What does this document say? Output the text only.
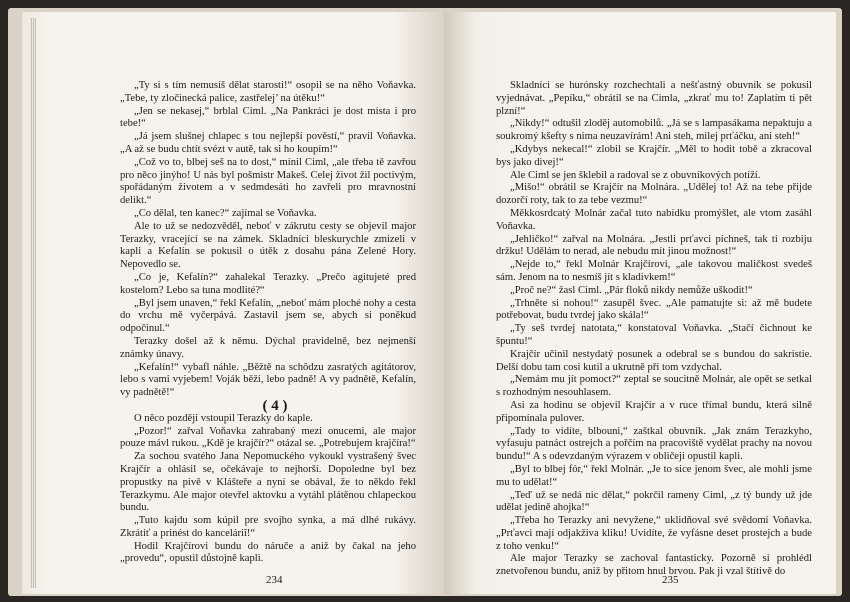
„Ty si s tím nemusíš dělat starosti!“ osopil se na něho Voňavka. „Tebe, ty zločinecká palice, zastřelej’ na útěku!“

„Jen se nekasej,“ brblal Ciml. „Na Pankráci je dost místa i pro tebe!“

„Já jsem slušnej chlapec s tou nejlepší pověstí,“ pravil Voňavka. „A až se budu chtít svézt v autě, tak si ho koupím!“

„Což vo to, blbej seš na to dost,“ mínil Ciml, „ale třeba tě zavřou pro něco jinýho! U nás byl pošmistr Makeš. Celej život žil poctivým, spořádaným životem a v sedmdesáti ho zavřeli pro mravnostní delikt.“

„Co dělal, ten kanec?“ zajímal se Voňavka.

Ale to už se nedozvěděl, neboť v zákrutu cesty se objevil major Terazky, vracející se na zámek. Skladníci bleskurychle zmizeli v kapli a Kefalín se pokusil o útěk z dosahu pána Zelené Hory. Nepovedlo se.

„Co je, Kefalín?“ zahalekal Terazky. „Prečo agitujeté pred kostelom? Lebo sa tuna modlité?“

„Byl jsem unaven,“ řekl Kefalín, „neboť mám ploché nohy a cesta do vrchu mě vyčerpává. Zastavil jsem se, abych si poněkud odpočinul.“

Terazky došel až k němu. Dýchal pravidelně, bez nejmenší známky únavy.

„Kefalín!“ vybafl náhle. „Běžtě na schôdzu zasratých agitátorov, lebo s vami vyjebem! Voják běží, lebo padně! A vy padnětě, Kefalín, vy padnětě!“

( 4 )

O něco později vstoupil Terazky do kaple.

„Pozor!“ zařval Voňavka zahrabaný mezi onucemi, ale major pouze mávl rukou. „Kdě je krajčír?“ otázal se. „Potrebujem krajčíra!“

Za sochou svatého Jana Nepomuckého vykoukl vystrašený švec Krajčír a ohlásil se, očekávaje to nejhorší. Dopoledne byl bez propustky na pivě v Klášteře a nyní se obával, že to někdo řekl Terazkymu. Ale major otevřel aktovku a vytáhl plátěnou chlapeckou bundu.

„Tuto kajdu som kúpil pre svojho synka, a má dlhé rukávy. Zkrátiť a prinést do kanceláriî!“

Hodil Krajčírovi bundu do náruče a aniž by čakal na jeho „provedu“, opustil důstojně kapli.

234

Skladníci se hurónsky rozchechtali a nešťastný obuvník se pokusil vyjednávat. „Pepíku,“ obrátil se na Cimla, „zkrať mu to! Zaplatím ti pět plzní!“

„Nikdy!“ odtušil zloděj automobilů. „Já se s lampasákama nepaktuju a soukromý kšefty s nima neuzavírám! Ani steh, milej prťáčku, ani steh!“

„Kdybys nekecal!“ zlobil se Krajčír. „Měl to hodit tobě a zkracoval bys jako divej!“

Ale Ciml se jen šklebil a radoval se z obuvníkových potíží.

„Mišo!“ obrátil se Krajčír na Molnára. „Udělej to! Až na tebe přijde dozorčí roty, tak to za tebe vezmu!“

Měkkosrdcatý Molnár začal tuto nabídku promýšlet, ale vtom zasáhl Voňavka.

„Jehličko!“ zařval na Molnára. „Jestli prťavci píchneš, tak ti rozbiju držku! Udělám to nerad, ale nebudu mít jinou možnost!“

„Nejde to,“ řekl Molnár Krajčírovi, „ale takovou maličkost svedeš sám. Jenom na to nesmíš jít s kladivkem!“

„Proč ne?“ žasl Ciml. „Pár floků nikdy nemůže uškodit!“

„Trhněte si nohou!“ zasupěl švec. „Ale pamatujte si: až mě budete potřebovat, budu tvrdej jako skála!“

„Ty seš tvrdej natotata,“ konstatoval Voňavka. „Stačí čichnout ke špuntu!“

Krajčír učinil nestydatý posunek a odebral se s bundou do sakristie. Delší dobu tam cosi kutil a ukrutně při tom vzdychal.

„Nemám mu jít pomoct?“ zeptal se soucitně Molnár, ale opět se setkal s rozhodným nesouhlasem.

Asi za hodinu se objevil Krajčír a v ruce třímal bundu, která silně připomínala pulover.

„Tady to vidíte, blbouni,“ zaštkal obuvník. „Jak znám Terazkyho, vyfasuju patnáct ostrejch a pořčím na pracoviště vydělat prachy na novou bundu!“ A s odevzdaným výrazem v obličeji opustil kapli.

„Byl to blbej fór,“ řekl Molnár. „Je to sice jenom švec, ale mohli jsme mu to udělat!“

„Teď už se nedá nic dělat,“ pokrčil rameny Ciml, „z tý bundy už jde udělat jedině ahojka!“

„Třeba ho Terazky ani nevyžene,“ uklidňoval své svědomí Voňavka. „Prťavci mají odjakživa kliku! Uvidíte, že vyfásne deset prostejch a bude z toho venku!“

Ale major Terazky se zachoval fantasticky. Pozorně si prohlédl znetvořenou bundu, aniž by přitom hnul brvou. Pak ji vzal štítivě do

235
